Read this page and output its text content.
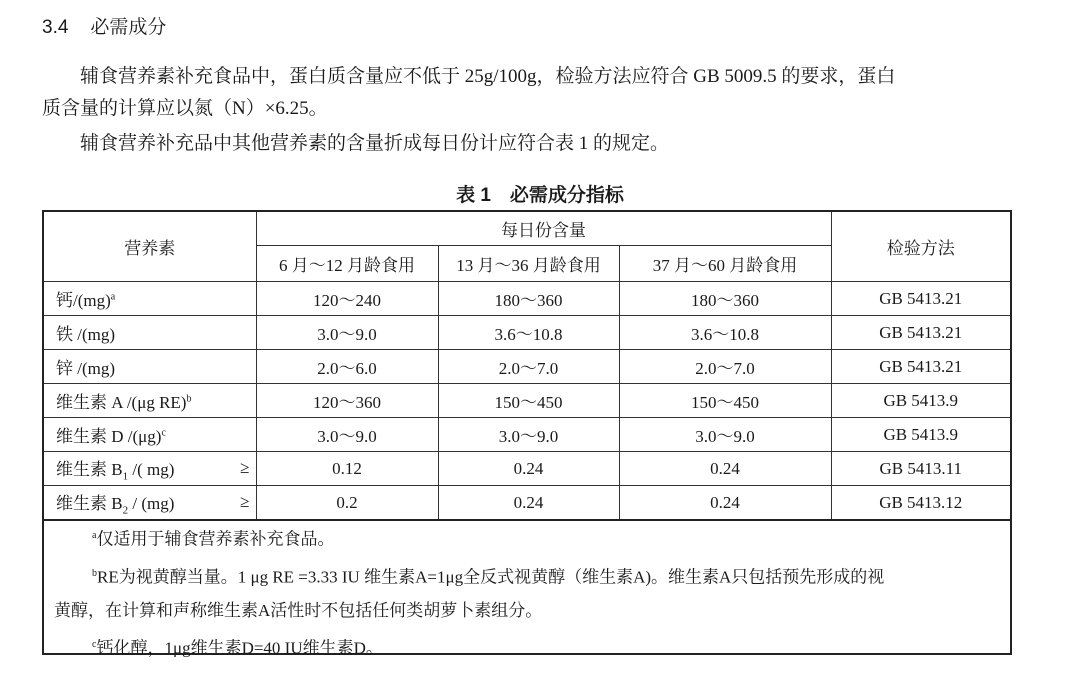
3.4 必需成分
辅食营养素补充食品中，蛋白质含量应不低于 25g/100g，检验方法应符合 GB 5009.5 的要求，蛋白
质含量的计算应以氮（N）×6.25。
辅食营养补充品中其他营养素的含量折成每日份计应符合表 1 的规定。
表 1　必需成分指标
营养素	每日份含量			检验方法
	6 月～12 月龄食用	13 月～36 月龄食用	37 月～60 月龄食用	
钙/(mg)$^a$	120～240	180～360	180～360	GB 5413.21
铁 /(mg)	3.0～9.0	3.6～10.8	3.6～10.8	GB 5413.21
锌 /(mg)	2.0～6.0	2.0～7.0	2.0～7.0	GB 5413.21
维生素 A /(μg RE)$^b$	120～360	150～450	150～450	GB 5413.9
维生素 D $/(\mu g)^c$	3.0～9.0	3.0～9.0	3.0～9.0	GB 5413.9
维生素 $B_1$ /( mg) ≥	0.12	0.24	0.24	GB 5413.11
维生素 $B_2 / (mg)$ ≥	0.2	0.24	0.24	GB 5413.12
$^a$仅适用于辅食营养素补充食品。
$^b$RE为视黄醇当量。1 μg RE =3.33 IU 维生素A=1μg全反式视黄醇（维生素A)。维生素A只包括预先形成的视
黄醇，在计算和声称维生素A活性时不包括任何类胡萝卜素组分。
$^c$钙化醇，1μg维生素D=40 IU维生素D。
